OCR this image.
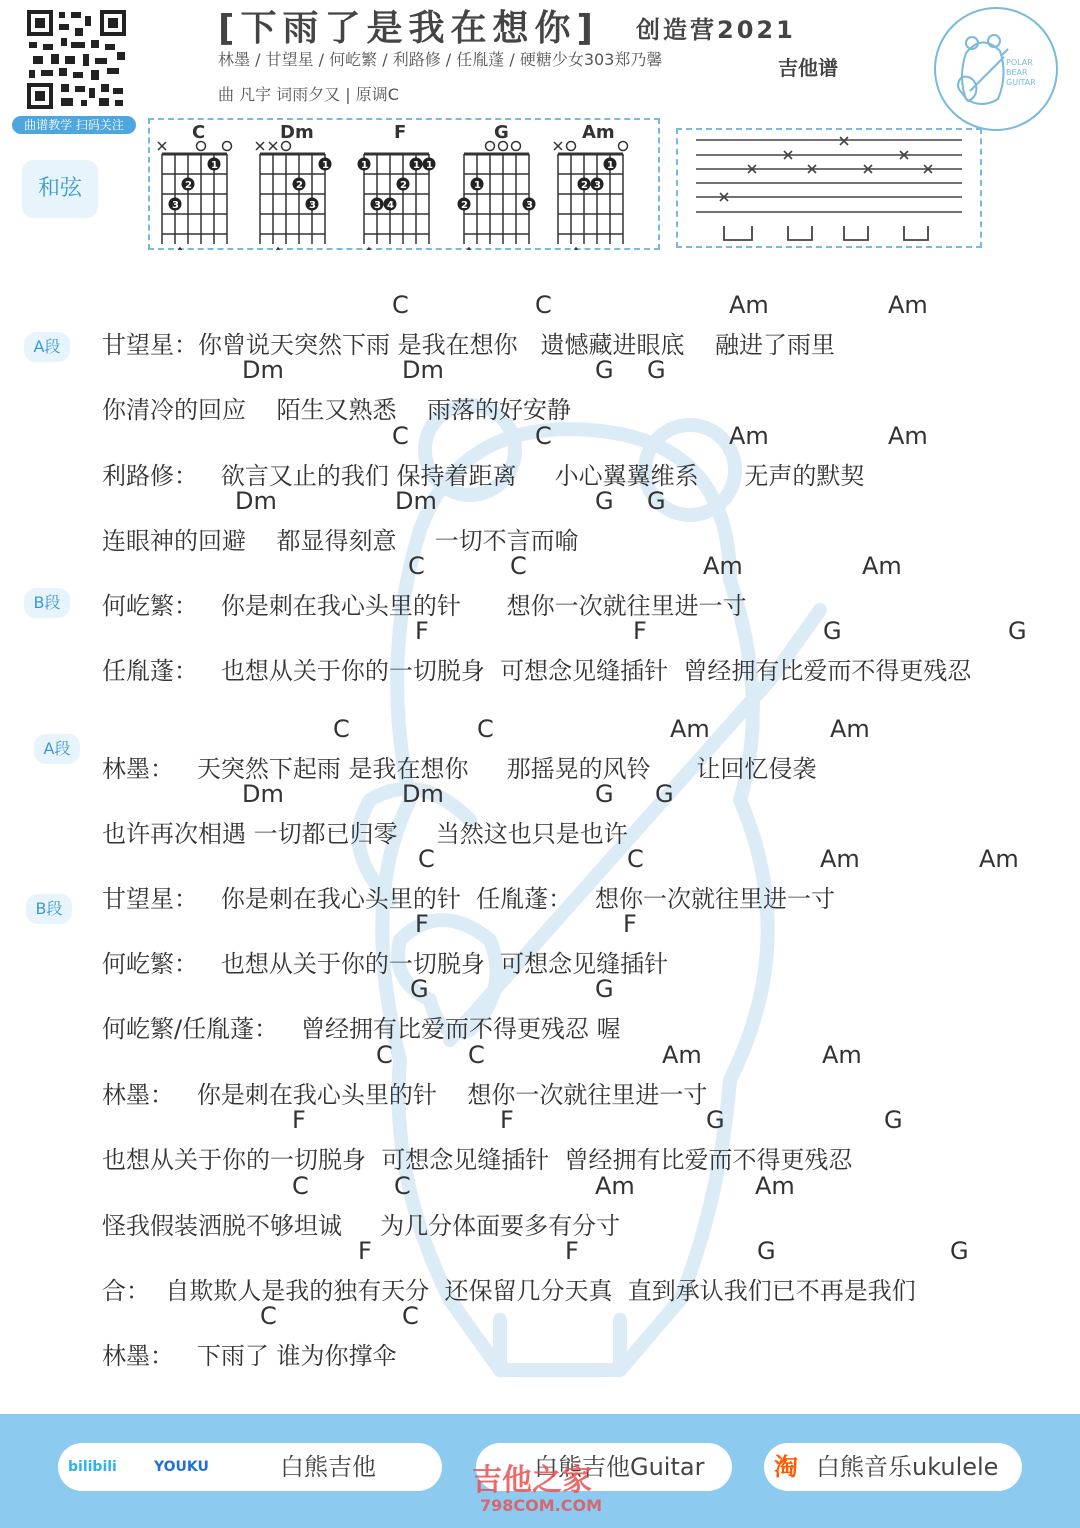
曲谱教学 扫码关注
[下雨了是我在想你] 创造营2021
林墨 / 甘望星 / 何屹繁 / 利路修 / 任胤蓬 / 硬糖少女303郑乃馨	吉他谱
曲 凡宇 词雨夕又 | 原调C
POLAR
BEAR
GUITAR
和弦
C
1
2
3
Dm
1
2
3
F
1	1 1
2
3 4
G
1
2	3
Am
1
2 3
A段
B段
A段
B段
甘望星：你曾说天突然下雨 是我在想你   遗憾藏进眼底    融进了雨里
C	C	Am	Am
你清冷的回应    陌生又熟悉    雨落的好安静
Dm	Dm	G G
利路修：   欲言又止的我们 保持着距离     小心翼翼维系      无声的默契
C	C	Am	Am
连眼神的回避    都显得刻意     一切不言而喻
Dm	Dm	G G
何屹繁：   你是刺在我心头里的针      想你一次就往里进一寸
C	C	Am	Am
任胤蓬：   也想从关于你的一切脱身  可想念见缝插针  曾经拥有比爱而不得更残忍
F	F	G	G
林墨：   天突然下起雨 是我在想你     那摇晃的风铃      让回忆侵袭
C	C	Am	Am
也许再次相遇 一切都已归零     当然这也只是也许
Dm	Dm	G G
甘望星：   你是刺在我心头里的针  任胤蓬：   想你一次就往里进一寸
C	C	Am	Am
何屹繁：   也想从关于你的一切脱身  可想念见缝插针
F	F
何屹繁/任胤蓬：   曾经拥有比爱而不得更残忍 喔
G	G
林墨：   你是刺在我心头里的针    想你一次就往里进一寸
C	C	Am	Am
也想从关于你的一切脱身  可想念见缝插针  曾经拥有比爱而不得更残忍
F	F	G	G
怪我假装洒脱不够坦诚     为几分体面要多有分寸
C	C	Am	Am
合：  自欺欺人是我的独有天分  还保留几分天真  直到承认我们已不再是我们
F	F	G	G
林墨：   下雨了 谁为你撑伞
C	C
bilibili	YOUKU	白熊吉他	白熊吉他Guitar	淘 白熊音乐ukulele
吉他之家
798COM.COM
